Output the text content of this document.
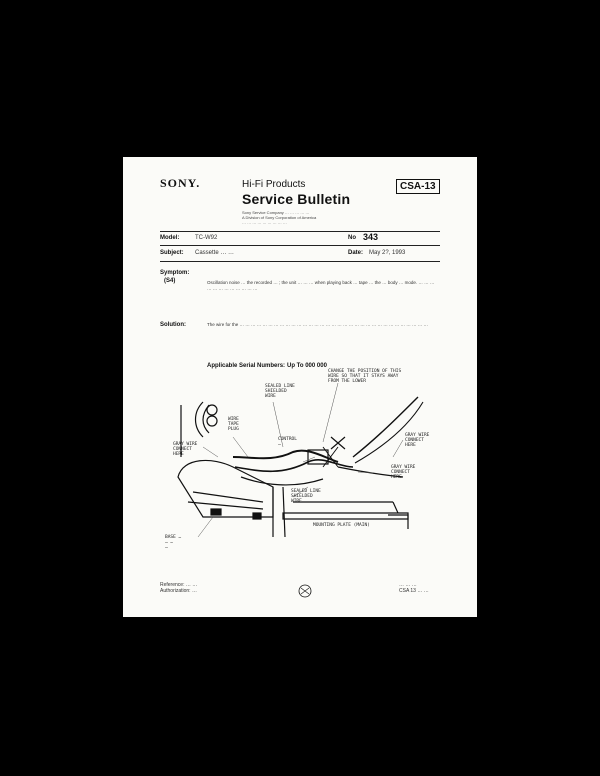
SONY.	Hi-Fi Products
Service Bulletin
Sony Service Company … … … … …
A Division of Sony Corporation of America
… … … … … … … … …
CSA-13
Model:	TC-W92	No 343
Subject: Cassette … …	Date: May 2?, 1993
Symptom:
(S4)	Oscillation noise … the recorded … ; the unit … … … when playing back … tape … the … body … mode. … … … … … … … … … … … …
Solution:	The wire for the … … … … … … … … … … … … … … … … … … … … … … … … … … … … … … … … …
Applicable Serial Numbers: Up To 000 000
CHANGE THE POSITION OF THIS
WIRE SO THAT IT STAYS AWAY
FROM THE LOWER
SEALED LINE
SHIELDED
WIRE
WIRE
TAPE
PLUG
CONTROL
…
GRAY WIRE
CONNECT
HERE
GRAY WIRE
CONNECT
HERE
GRAY WIRE
CONNECT
HERE
SEALED LINE
SHIELDED
WIRE
BASE …
… …
…
MOUNTING PLATE (MAIN)
Reference: … …
Authorization: …
… … …
CSA 13 … …
